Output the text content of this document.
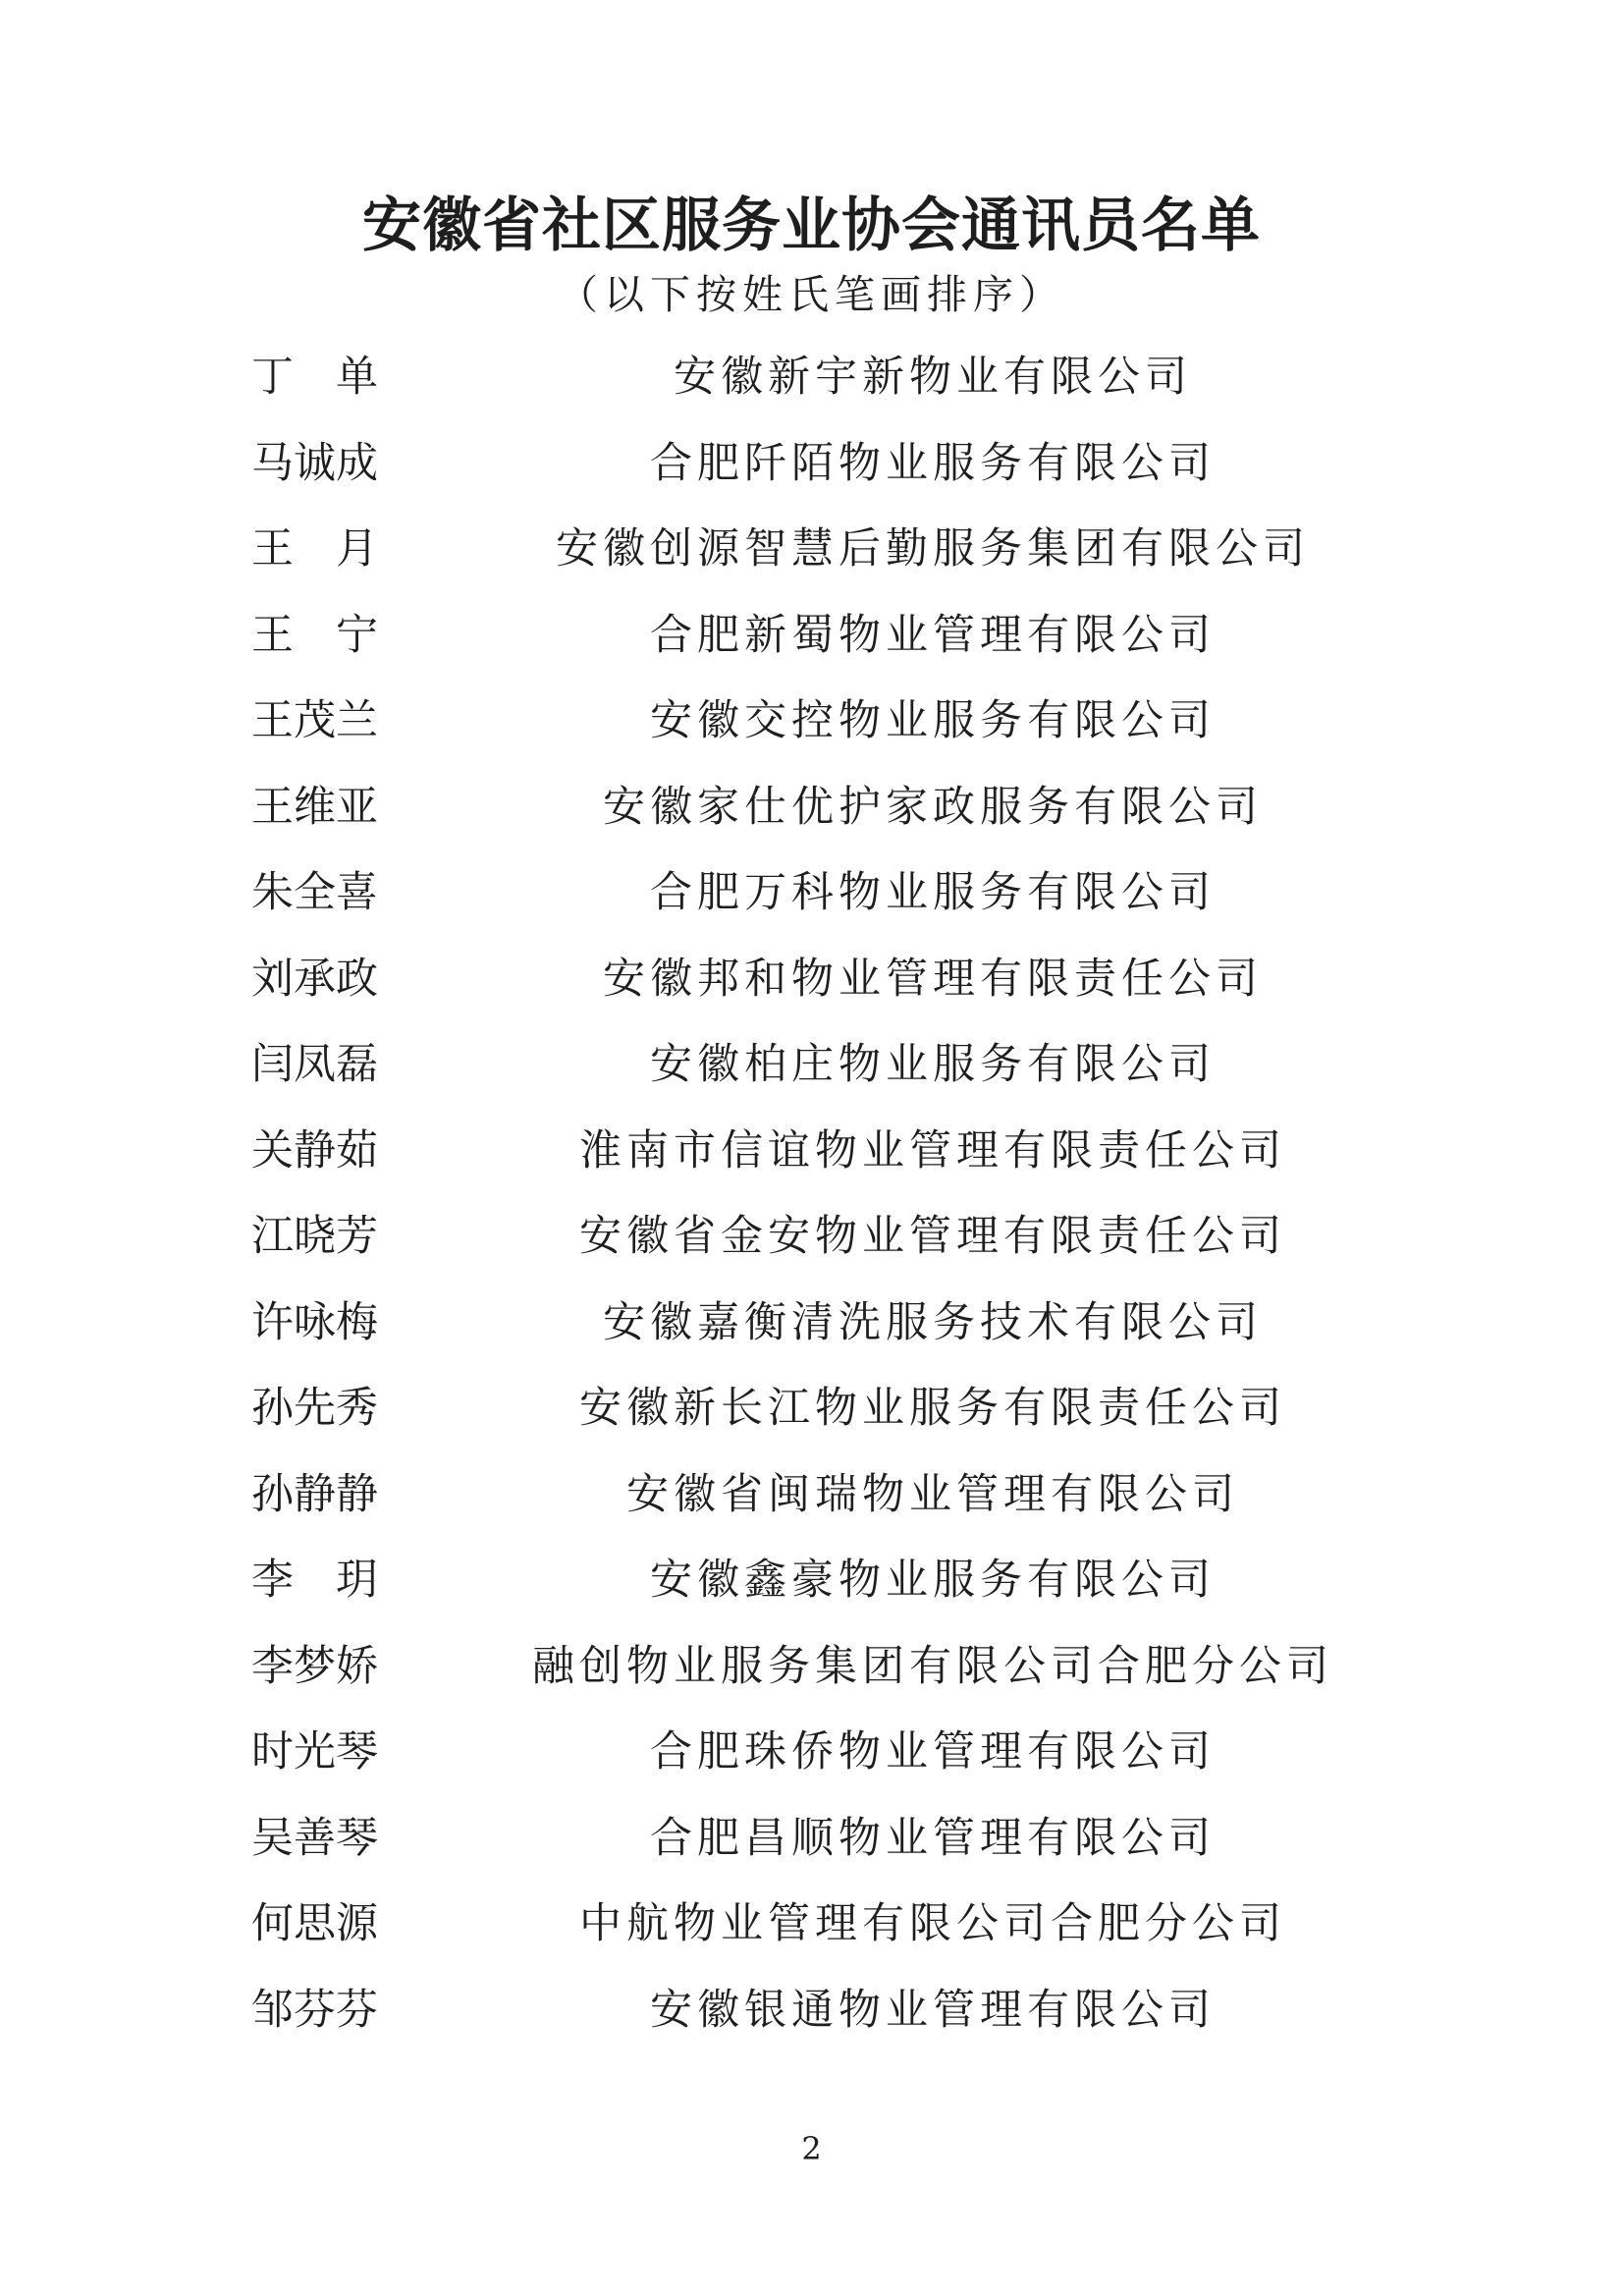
安徽省社区服务业协会通讯员名单
（以下按姓氏笔画排序）
丁　单	安徽新宇新物业有限公司
马诚成	合肥阡陌物业服务有限公司
王　月	安徽创源智慧后勤服务集团有限公司
王　宁	合肥新蜀物业管理有限公司
王茂兰	安徽交控物业服务有限公司
王维亚	安徽家仕优护家政服务有限公司
朱全喜	合肥万科物业服务有限公司
刘承政	安徽邦和物业管理有限责任公司
闫凤磊	安徽柏庄物业服务有限公司
关静茹	淮南市信谊物业管理有限责任公司
江晓芳	安徽省金安物业管理有限责任公司
许咏梅	安徽嘉衡清洗服务技术有限公司
孙先秀	安徽新长江物业服务有限责任公司
孙静静	安徽省闽瑞物业管理有限公司
李　玥	安徽鑫豪物业服务有限公司
李梦娇	融创物业服务集团有限公司合肥分公司
时光琴	合肥珠侨物业管理有限公司
吴善琴	合肥昌顺物业管理有限公司
何思源	中航物业管理有限公司合肥分公司
邹芬芬	安徽银通物业管理有限公司
2
